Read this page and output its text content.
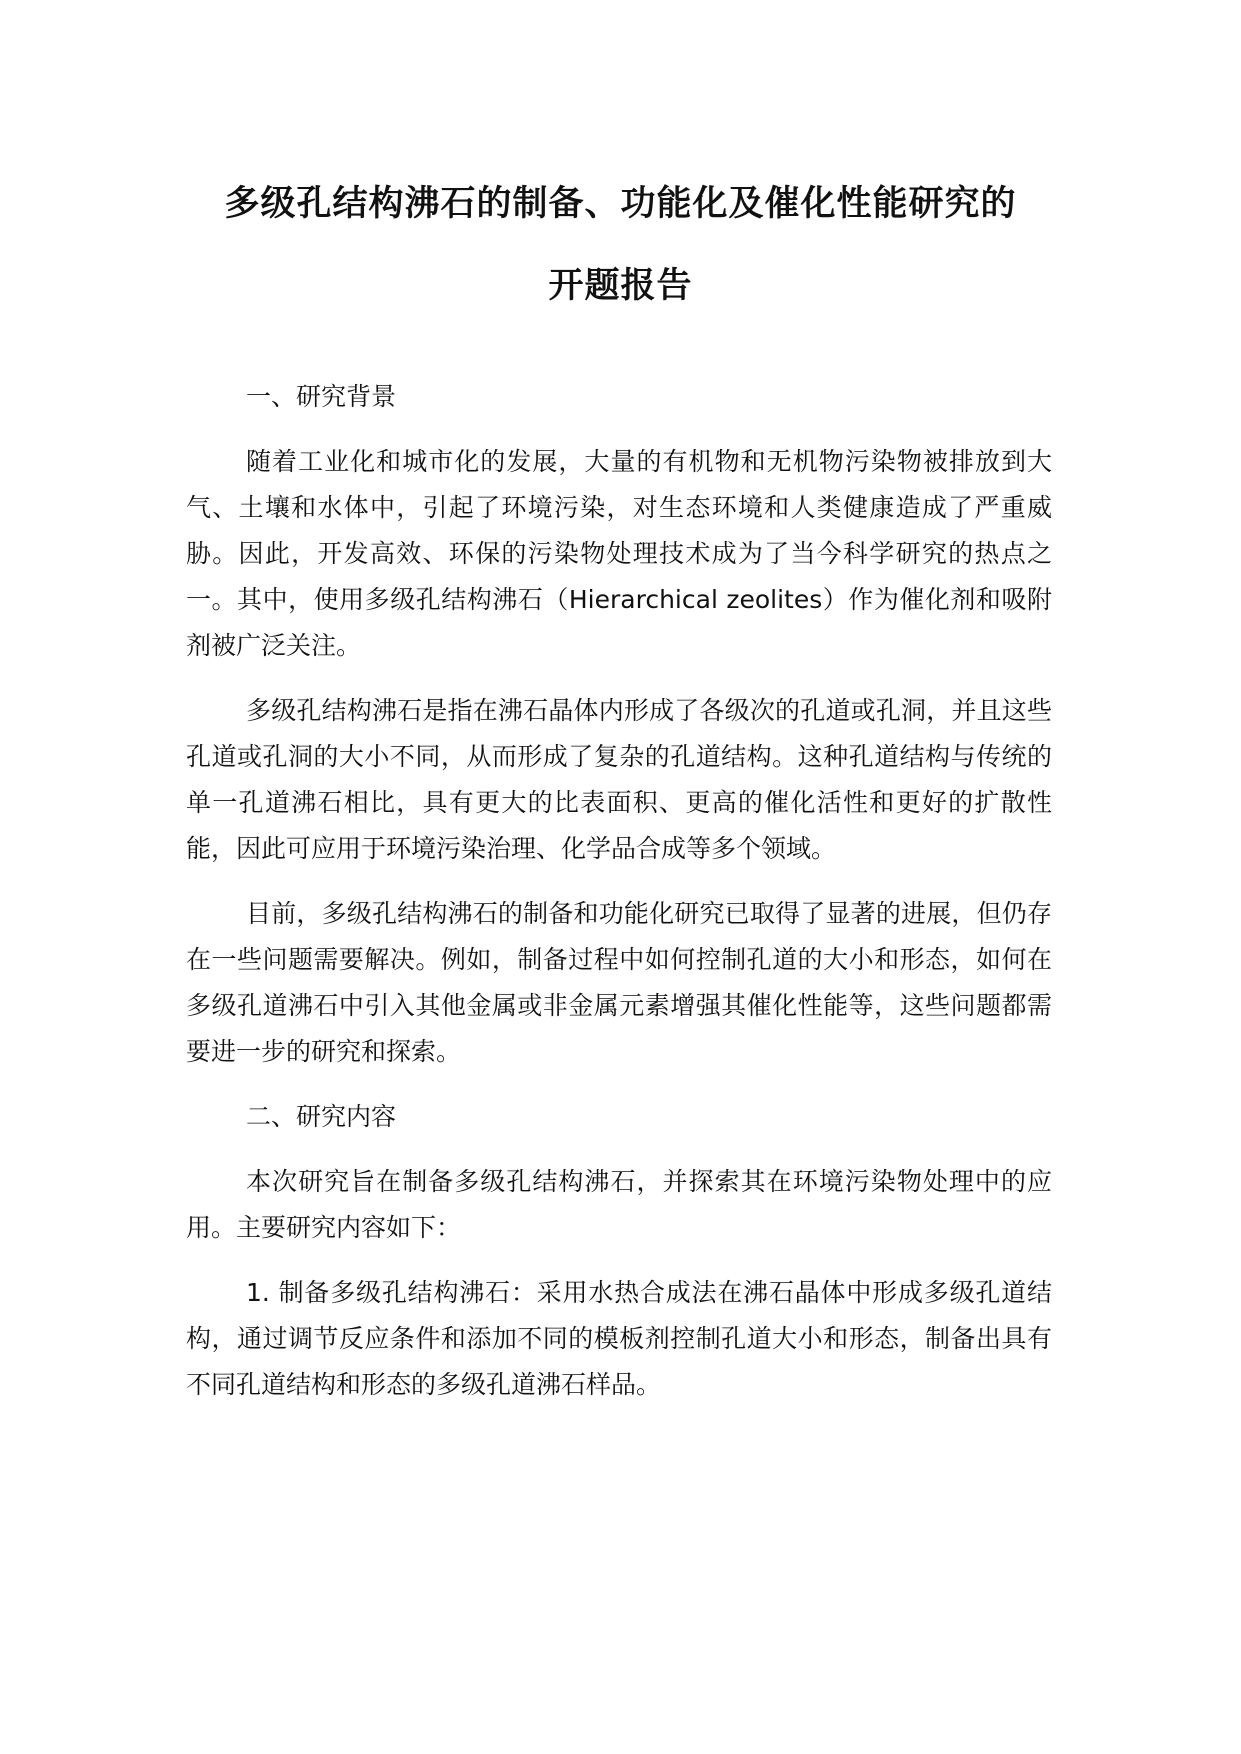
多级孔结构沸石的制备、功能化及催化性能研究的
开题报告

一、研究背景

随着工业化和城市化的发展，大量的有机物和无机物污染物被排放到大气、土壤和水体中，引起了环境污染，对生态环境和人类健康造成了严重威胁。因此，开发高效、环保的污染物处理技术成为了当今科学研究的热点之一。其中，使用多级孔结构沸石（Hierarchical zeolites）作为催化剂和吸附剂被广泛关注。

多级孔结构沸石是指在沸石晶体内形成了各级次的孔道或孔洞，并且这些孔道或孔洞的大小不同，从而形成了复杂的孔道结构。这种孔道结构与传统的单一孔道沸石相比，具有更大的比表面积、更高的催化活性和更好的扩散性能，因此可应用于环境污染治理、化学品合成等多个领域。

目前，多级孔结构沸石的制备和功能化研究已取得了显著的进展，但仍存在一些问题需要解决。例如，制备过程中如何控制孔道的大小和形态，如何在多级孔道沸石中引入其他金属或非金属元素增强其催化性能等，这些问题都需要进一步的研究和探索。

二、研究内容

本次研究旨在制备多级孔结构沸石，并探索其在环境污染物处理中的应用。主要研究内容如下：

1. 制备多级孔结构沸石：采用水热合成法在沸石晶体中形成多级孔道结构，通过调节反应条件和添加不同的模板剂控制孔道大小和形态，制备出具有不同孔道结构和形态的多级孔道沸石样品。
